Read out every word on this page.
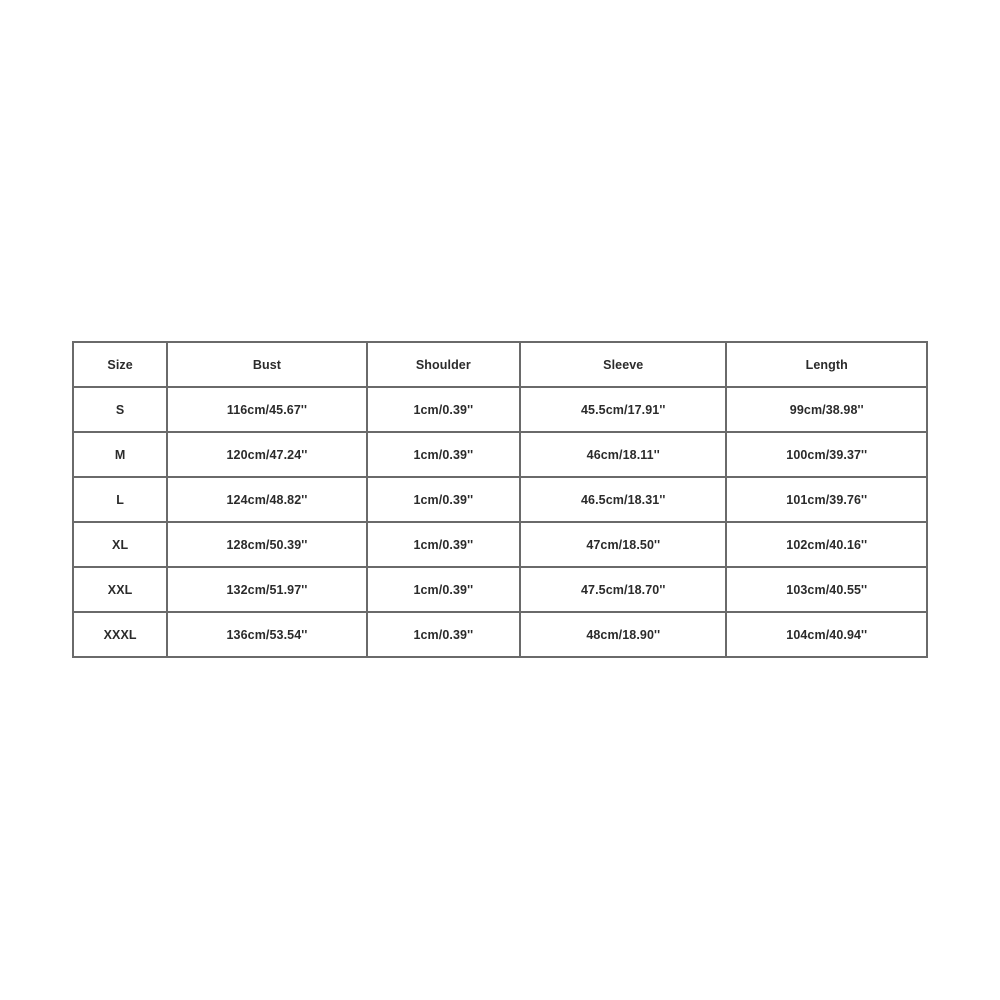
Size	Bust	Shoulder	Sleeve	Length
S	116cm/45.67''	1cm/0.39''	45.5cm/17.91''	99cm/38.98''
M	120cm/47.24''	1cm/0.39''	46cm/18.11''	100cm/39.37''
L	124cm/48.82''	1cm/0.39''	46.5cm/18.31''	101cm/39.76''
XL	128cm/50.39''	1cm/0.39''	47cm/18.50''	102cm/40.16''
XXL	132cm/51.97''	1cm/0.39''	47.5cm/18.70''	103cm/40.55''
XXXL	136cm/53.54''	1cm/0.39''	48cm/18.90''	104cm/40.94''
